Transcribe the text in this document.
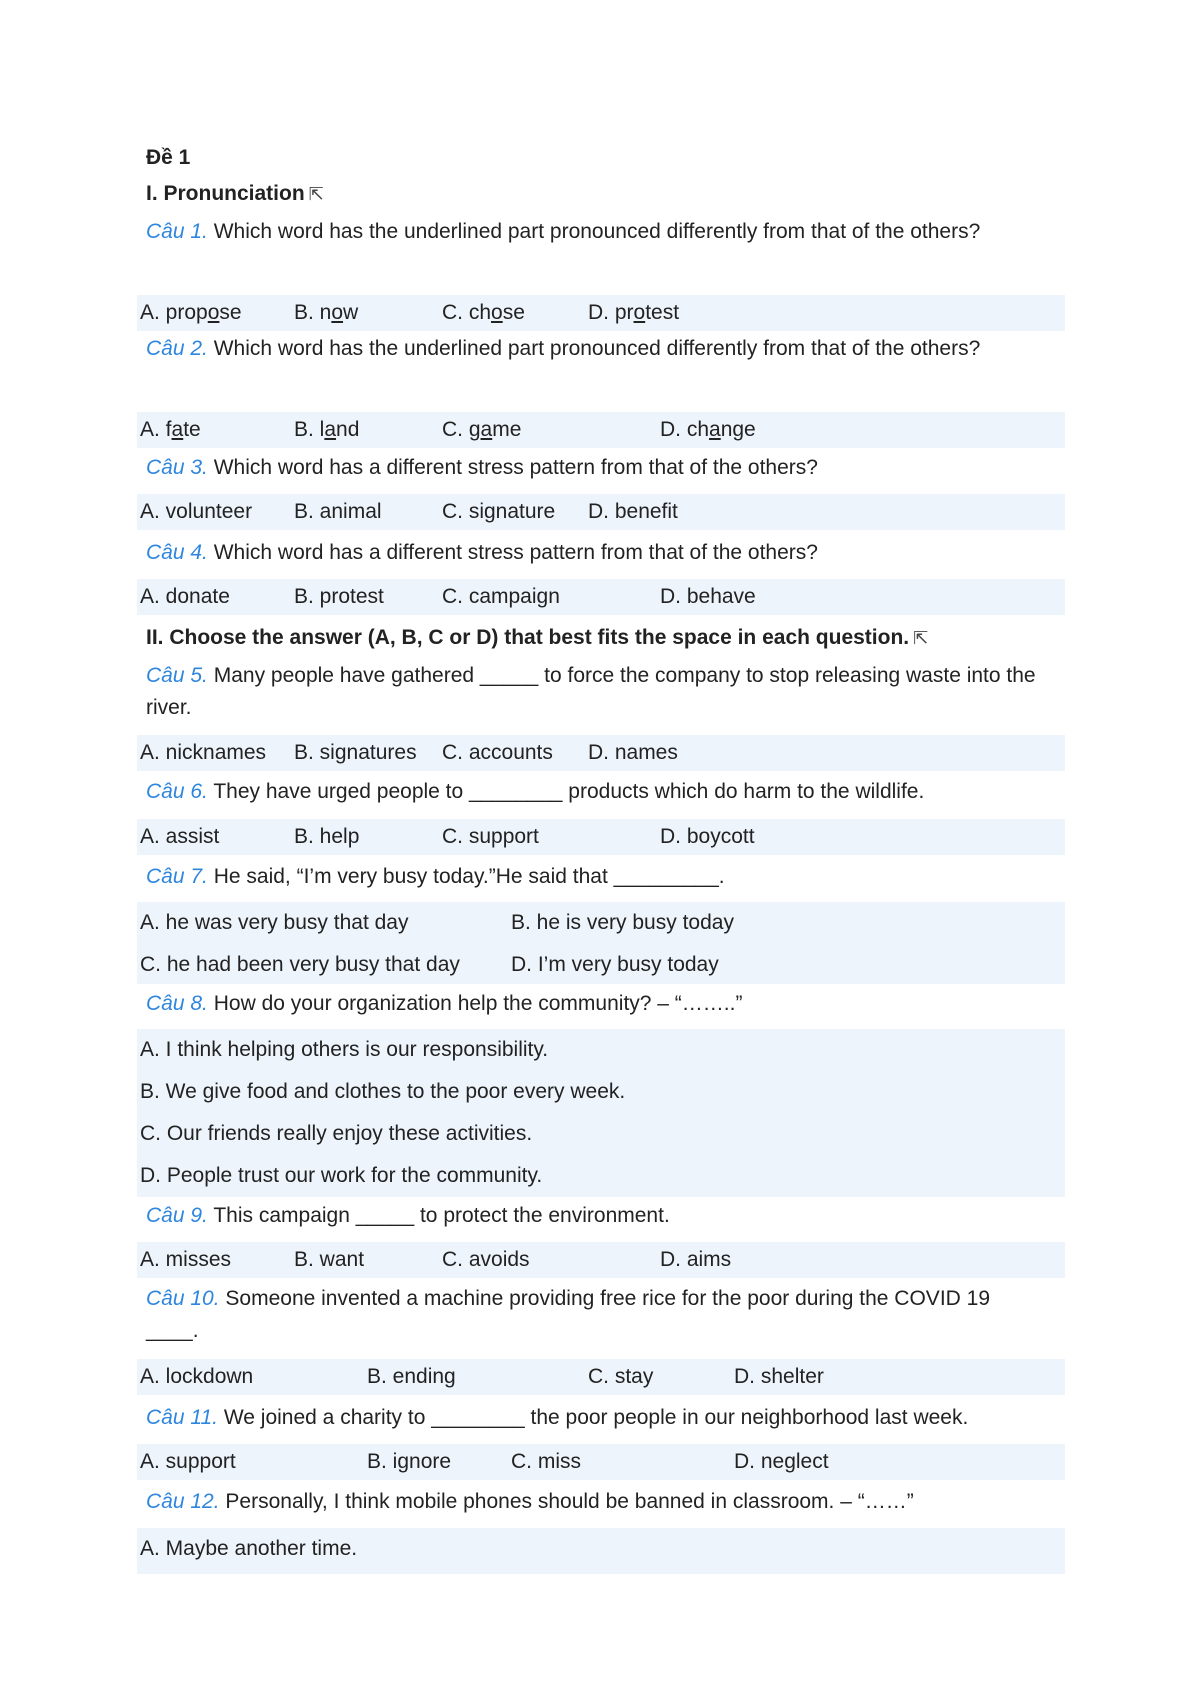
Đề 1
I. Pronunciation ⇱
Câu 1. Which word has the underlined part pronounced differently from that of the others?
A. propose B. now	C. chose	D. protest
Câu 2. Which word has the underlined part pronounced differently from that of the others?
A. fate	B. land	C. game	D. change
Câu 3. Which word has a different stress pattern from that of the others?
A. volunteer B. animal	C. signature D. benefit
Câu 4. Which word has a different stress pattern from that of the others?
A. donate	B. protest	C. campaign	D. behave
II. Choose the answer (A, B, C or D) that best fits the space in each question. ⇱
Câu 5. Many people have gathered _____ to force the company to stop releasing waste into the river.
A. nicknames B. signatures C. accounts D. names
Câu 6. They have urged people to ________ products which do harm to the wildlife.
A. assist	B. help	C. support	D. boycott
Câu 7. He said, “I’m very busy today.”He said that _________.
A. he was very busy that day	B. he is very busy today
C. he had been very busy that day D. I’m very busy today
Câu 8. How do your organization help the community? – “……..”
A. I think helping others is our responsibility.
B. We give food and clothes to the poor every week.
C. Our friends really enjoy these activities.
D. People trust our work for the community.
Câu 9. This campaign _____ to protect the environment.
A. misses	B. want	C. avoids	D. aims
Câu 10. Someone invented a machine providing free rice for the poor during the COVID 19 ____.
A. lockdown	B. ending	C. stay	D. shelter
Câu 11. We joined a charity to ________ the poor people in our neighborhood last week.
A. support	B. ignore	C. miss	D. neglect
Câu 12. Personally, I think mobile phones should be banned in classroom. – “……”
A. Maybe another time.
